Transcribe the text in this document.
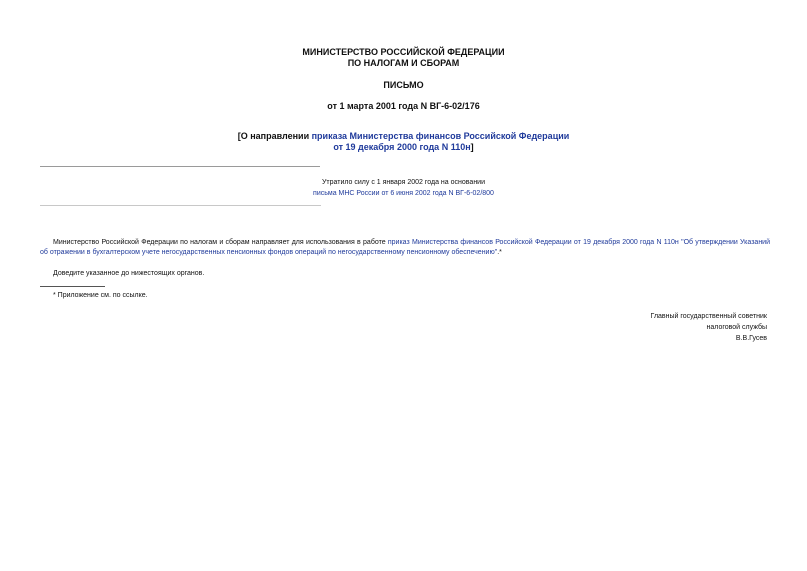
МИНИСТЕРСТВО РОССИЙСКОЙ ФЕДЕРАЦИИ
ПО НАЛОГАМ И СБОРАМ
ПИСЬМО
от 1 марта 2001 года N ВГ-6-02/176
[О направлении приказа Министерства финансов Российской Федерации
от 19 декабря 2000 года N 110н]
Утратило силу с 1 января 2002 года на основании
письма МНС России от 6 июня 2002 года N ВГ-6-02/800
Министерство Российской Федерации по налогам и сборам направляет для использования в работе приказ Министерства финансов Российской Федерации от 19 декабря 2000 года N 110н "Об утверждении Указаний об отражении в бухгалтерском учете негосударственных пенсионных фондов операций по негосударственному пенсионному обеспечению".*
Доведите указанное до нижестоящих органов.
* Приложение см. по ссылке.
Главный государственный советник
налоговой службы
В.В.Гусев
